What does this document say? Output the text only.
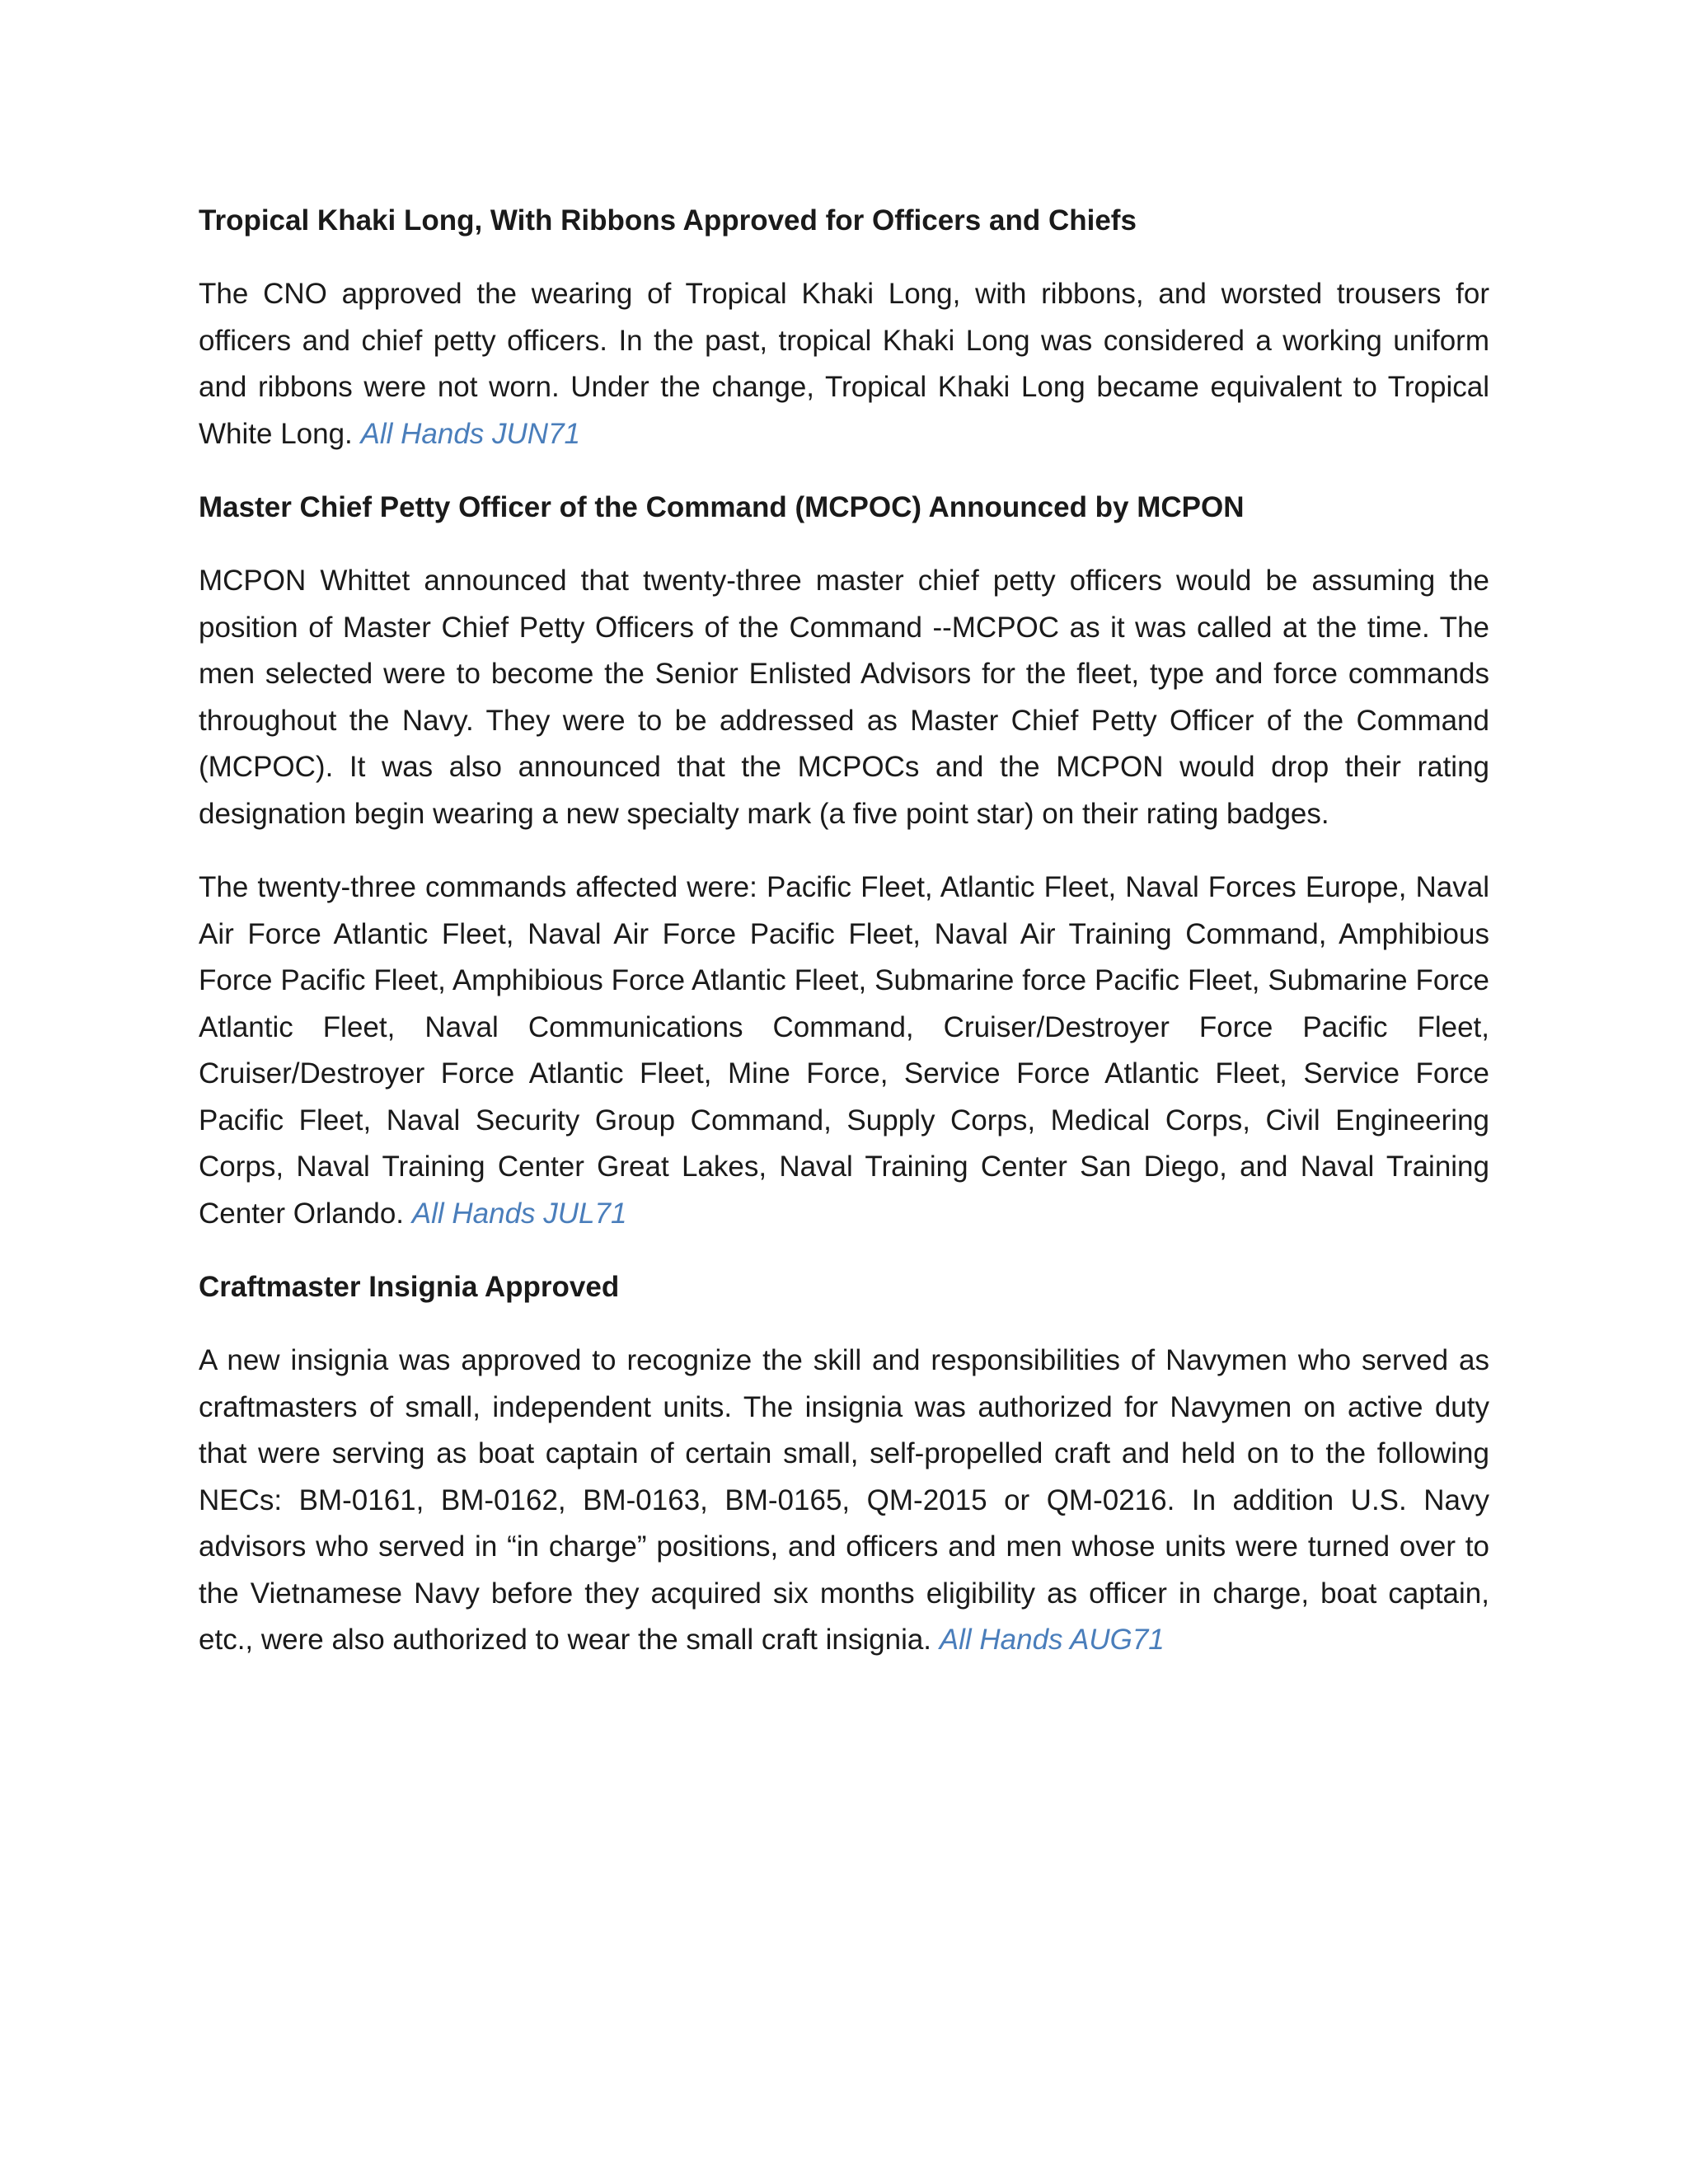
Tropical Khaki Long, With Ribbons Approved for Officers and Chiefs

The CNO approved the wearing of Tropical Khaki Long, with ribbons, and worsted trousers for officers and chief petty officers. In the past, tropical Khaki Long was considered a working uniform and ribbons were not worn. Under the change, Tropical Khaki Long became equivalent to Tropical White Long. All Hands JUN71

Master Chief Petty Officer of the Command (MCPOC) Announced by MCPON

MCPON Whittet announced that twenty-three master chief petty officers would be assuming the position of Master Chief Petty Officers of the Command --MCPOC as it was called at the time. The men selected were to become the Senior Enlisted Advisors for the fleet, type and force commands throughout the Navy. They were to be addressed as Master Chief Petty Officer of the Command (MCPOC). It was also announced that the MCPOCs and the MCPON would drop their rating designation begin wearing a new specialty mark (a five point star) on their rating badges.

The twenty-three commands affected were: Pacific Fleet, Atlantic Fleet, Naval Forces Europe, Naval Air Force Atlantic Fleet, Naval Air Force Pacific Fleet, Naval Air Training Command, Amphibious Force Pacific Fleet, Amphibious Force Atlantic Fleet, Submarine force Pacific Fleet, Submarine Force Atlantic Fleet, Naval Communications Command, Cruiser/Destroyer Force Pacific Fleet, Cruiser/Destroyer Force Atlantic Fleet, Mine Force, Service Force Atlantic Fleet, Service Force Pacific Fleet, Naval Security Group Command, Supply Corps, Medical Corps, Civil Engineering Corps, Naval Training Center Great Lakes, Naval Training Center San Diego, and Naval Training Center Orlando. All Hands JUL71

Craftmaster Insignia Approved

A new insignia was approved to recognize the skill and responsibilities of Navymen who served as craftmasters of small, independent units. The insignia was authorized for Navymen on active duty that were serving as boat captain of certain small, self-propelled craft and held on to the following NECs: BM-0161, BM-0162, BM-0163, BM-0165, QM-2015 or QM-0216. In addition U.S. Navy advisors who served in “in charge” positions, and officers and men whose units were turned over to the Vietnamese Navy before they acquired six months eligibility as officer in charge, boat captain, etc., were also authorized to wear the small craft insignia. All Hands AUG71
